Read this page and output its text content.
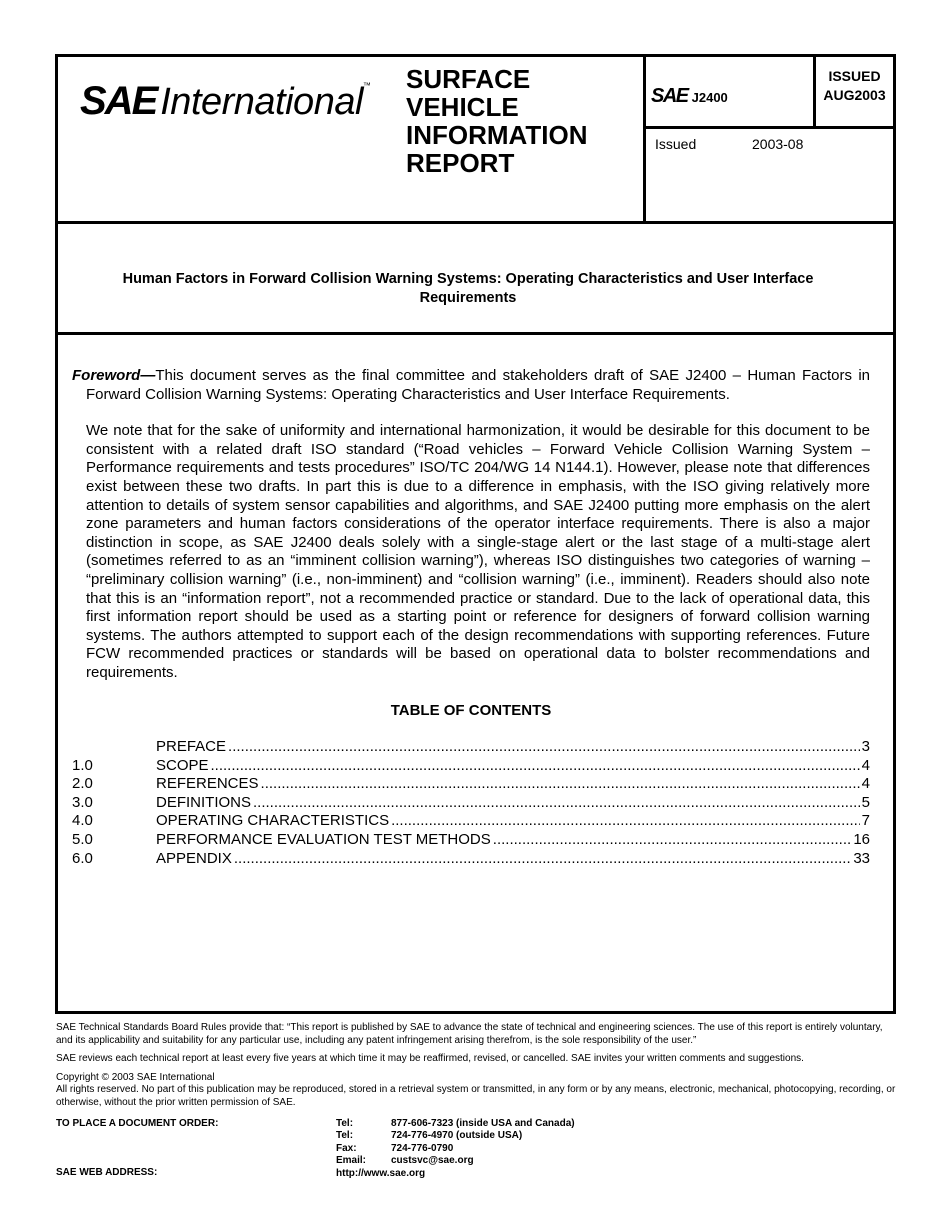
SAE International™ SURFACE
VEHICLE
INFORMATION
REPORT
SAE J2400
ISSUED
AUG2003
Issued	2003-08
Human Factors in Forward Collision Warning Systems: Operating Characteristics and User Interface Requirements

Foreword—This document serves as the final committee and stakeholders draft of SAE J2400 – Human Factors in Forward Collision Warning Systems: Operating Characteristics and User Interface Requirements.

We note that for the sake of uniformity and international harmonization, it would be desirable for this document to be consistent with a related draft ISO standard (“Road vehicles – Forward Vehicle Collision Warning System – Performance requirements and tests procedures” ISO/TC 204/WG 14 N144.1). However, please note that differences exist between these two drafts. In part this is due to a difference in emphasis, with the ISO giving relatively more attention to details of system sensor capabilities and algorithms, and SAE J2400 putting more emphasis on the alert zone parameters and human factors considerations of the operator interface requirements. There is also a major distinction in scope, as SAE J2400 deals solely with a single-stage alert or the last stage of a multi-stage alert (sometimes referred to as an “imminent collision warning”), whereas ISO distinguishes two categories of warning – “preliminary collision warning” (i.e., non-imminent) and “collision warning” (i.e., imminent). Readers should also note that this is an “information report”, not a recommended practice or standard. Due to the lack of operational data, this first information report should be used as a starting point or reference for designers of forward collision warning systems. The authors attempted to support each of the design recommendations with supporting references. Future FCW recommended practices or standards will be based on operational data to bolster recommendations and requirements.

TABLE OF CONTENTS
PREFACE .....	3
1.0	SCOPE .....	4
2.0	REFERENCES .....	4
3.0	DEFINITIONS .....	5
4.0	OPERATING CHARACTERISTICS .....	7
5.0	PERFORMANCE EVALUATION TEST METHODS .....	16
6.0	APPENDIX .....	33

SAE Technical Standards Board Rules provide that: “This report is published by SAE to advance the state of technical and engineering sciences. The use of this report is entirely voluntary, and its applicability and suitability for any particular use, including any patent infringement arising therefrom, is the sole responsibility of the user.”

SAE reviews each technical report at least every five years at which time it may be reaffirmed, revised, or cancelled. SAE invites your written comments and suggestions.

Copyright © 2003 SAE International
All rights reserved. No part of this publication may be reproduced, stored in a retrieval system or transmitted, in any form or by any means, electronic, mechanical, photocopying, recording, or otherwise, without the prior written permission of SAE.

TO PLACE A DOCUMENT ORDER:
SAE WEB ADDRESS:
Tel:	877-606-7323 (inside USA and Canada)
Tel:	724-776-4970 (outside USA)
Fax:	724-776-0790
Email:	custsvc@sae.org
http://www.sae.org
